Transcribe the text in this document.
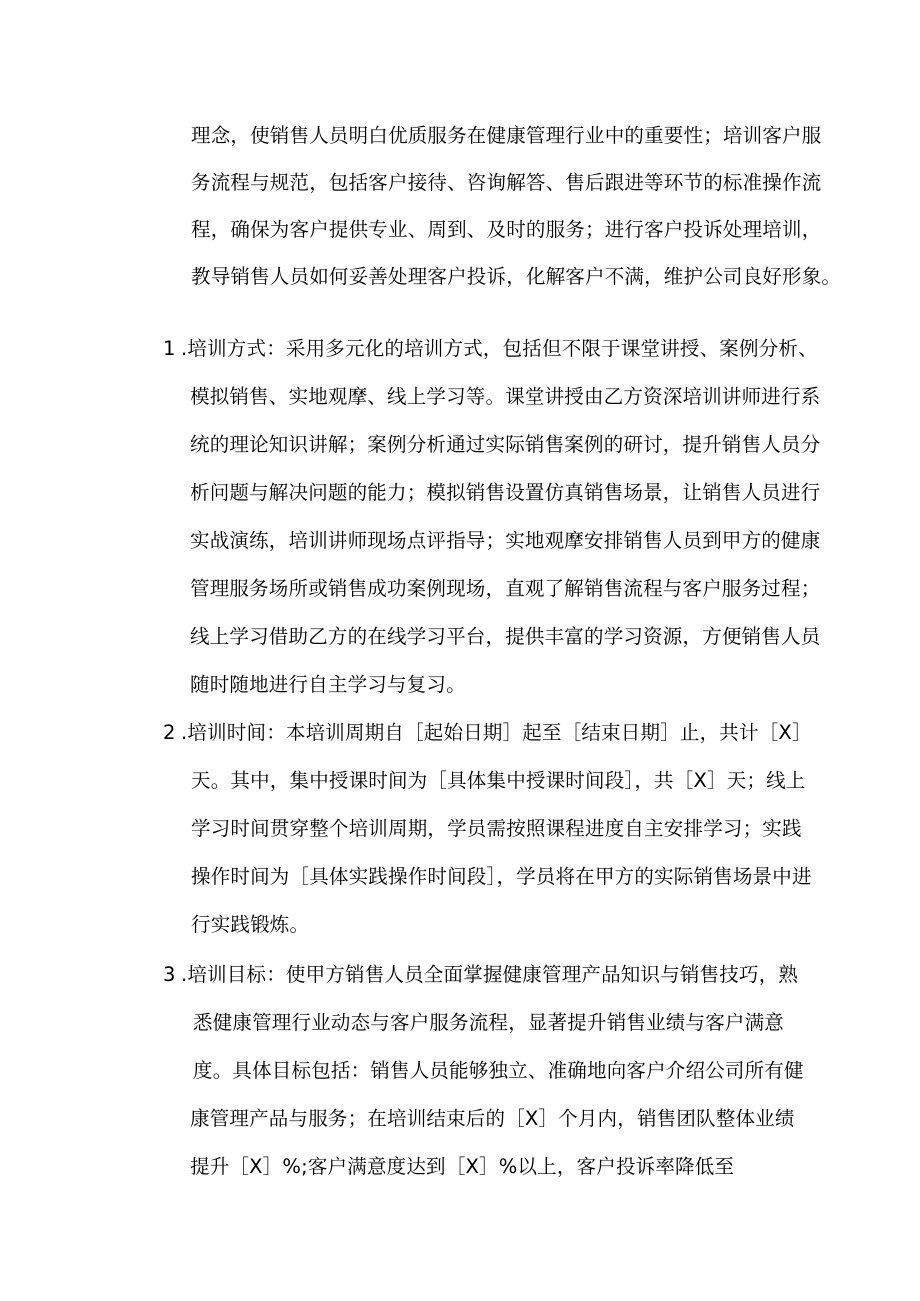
理念，使销售人员明白优质服务在健康管理行业中的重要性；培训客户服
务流程与规范，包括客户接待、咨询解答、售后跟进等环节的标准操作流
程，确保为客户提供专业、周到、及时的服务；进行客户投诉处理培训，
教导销售人员如何妥善处理客户投诉，化解客户不满，维护公司良好形象。
1 .培训方式：采用多元化的培训方式，包括但不限于课堂讲授、案例分析、
模拟销售、实地观摩、线上学习等。课堂讲授由乙方资深培训讲师进行系
统的理论知识讲解；案例分析通过实际销售案例的研讨，提升销售人员分
析问题与解决问题的能力；模拟销售设置仿真销售场景，让销售人员进行
实战演练，培训讲师现场点评指导；实地观摩安排销售人员到甲方的健康
管理服务场所或销售成功案例现场，直观了解销售流程与客户服务过程；
线上学习借助乙方的在线学习平台，提供丰富的学习资源，方便销售人员
随时随地进行自主学习与复习。
2 .培训时间：本培训周期自［起始日期］起至［结束日期］止，共计［X］
天。其中，集中授课时间为［具体集中授课时间段］，共［X］天；线上
学习时间贯穿整个培训周期，学员需按照课程进度自主安排学习；实践
操作时间为［具体实践操作时间段］，学员将在甲方的实际销售场景中进
行实践锻炼。
3 .培训目标：使甲方销售人员全面掌握健康管理产品知识与销售技巧，熟
悉健康管理行业动态与客户服务流程，显著提升销售业绩与客户满意
度。具体目标包括：销售人员能够独立、准确地向客户介绍公司所有健
康管理产品与服务；在培训结束后的［X］个月内，销售团队整体业绩
提升［X］%;客户满意度达到［X］%以上，客户投诉率降低至
